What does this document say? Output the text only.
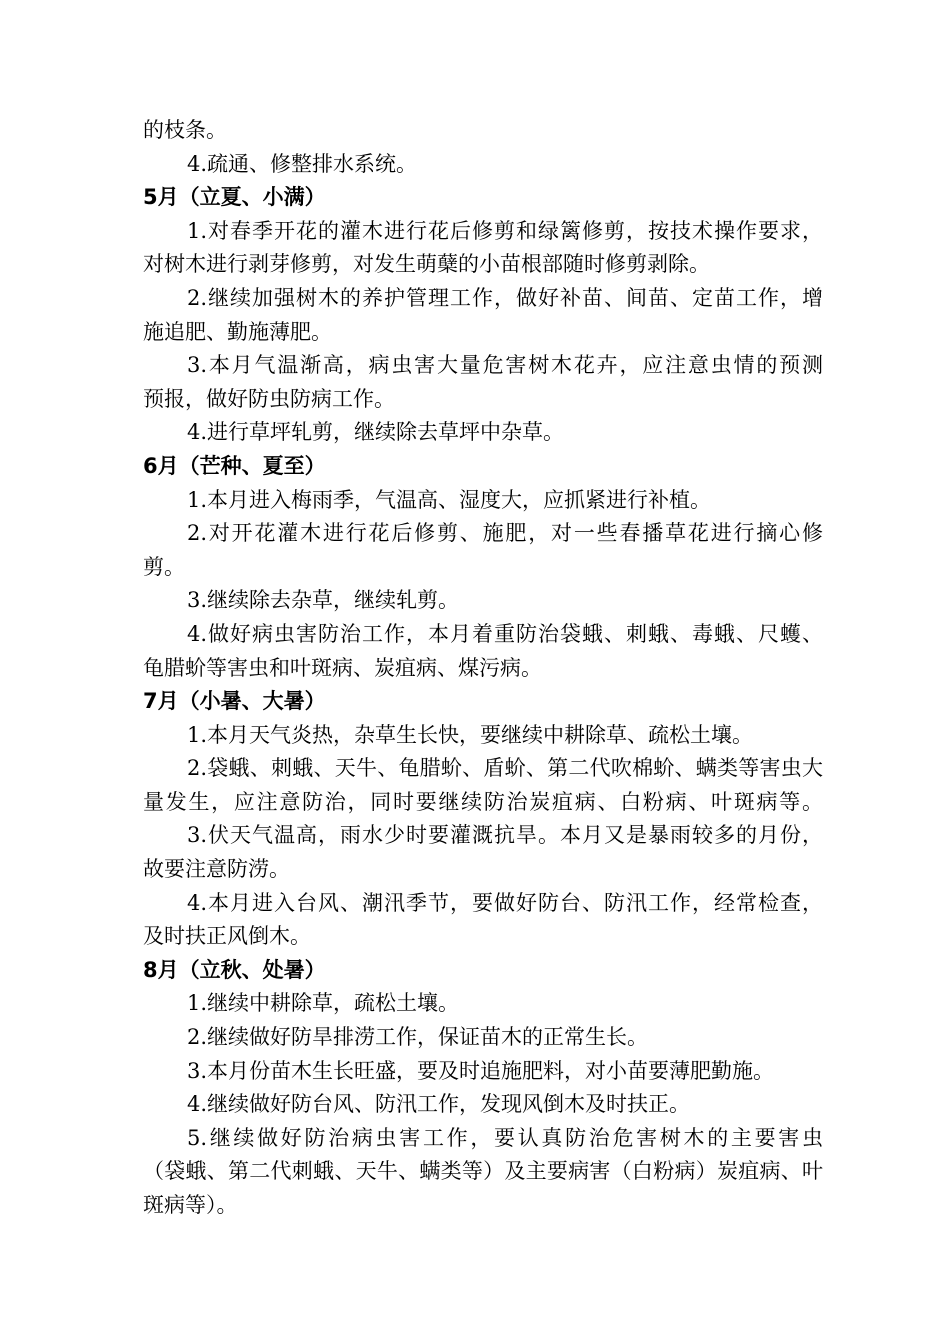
的枝条。
4.疏通、修整排水系统。
5月（立夏、小满）
1.对春季开花的灌木进行花后修剪和绿篱修剪，按技术操作要求，
对树木进行剥芽修剪，对发生萌蘖的小苗根部随时修剪剥除。
2.继续加强树木的养护管理工作，做好补苗、间苗、定苗工作，增
施追肥、勤施薄肥。
3.本月气温渐高，病虫害大量危害树木花卉，应注意虫情的预测
预报，做好防虫防病工作。
4.进行草坪轧剪，继续除去草坪中杂草。
6月（芒种、夏至）
1.本月进入梅雨季，气温高、湿度大，应抓紧进行补植。
2.对开花灌木进行花后修剪、施肥，对一些春播草花进行摘心修
剪。
3.继续除去杂草，继续轧剪。
4.做好病虫害防治工作，本月着重防治袋蛾、刺蛾、毒蛾、尺蠖、
龟腊蚧等害虫和叶斑病、炭疽病、煤污病。
7月（小暑、大暑）
1.本月天气炎热，杂草生长快，要继续中耕除草、疏松土壤。
2.袋蛾、刺蛾、天牛、龟腊蚧、盾蚧、第二代吹棉蚧、螨类等害虫大
量发生，应注意防治，同时要继续防治炭疽病、白粉病、叶斑病等。
3.伏天气温高，雨水少时要灌溉抗旱。本月又是暴雨较多的月份，
故要注意防涝。
4.本月进入台风、潮汛季节，要做好防台、防汛工作，经常检查，
及时扶正风倒木。
8月（立秋、处暑）
1.继续中耕除草，疏松土壤。
2.继续做好防旱排涝工作，保证苗木的正常生长。
3.本月份苗木生长旺盛，要及时追施肥料，对小苗要薄肥勤施。
4.继续做好防台风、防汛工作，发现风倒木及时扶正。
5.继续做好防治病虫害工作，要认真防治危害树木的主要害虫
（袋蛾、第二代刺蛾、天牛、螨类等）及主要病害（白粉病）炭疽病、叶
斑病等）。
